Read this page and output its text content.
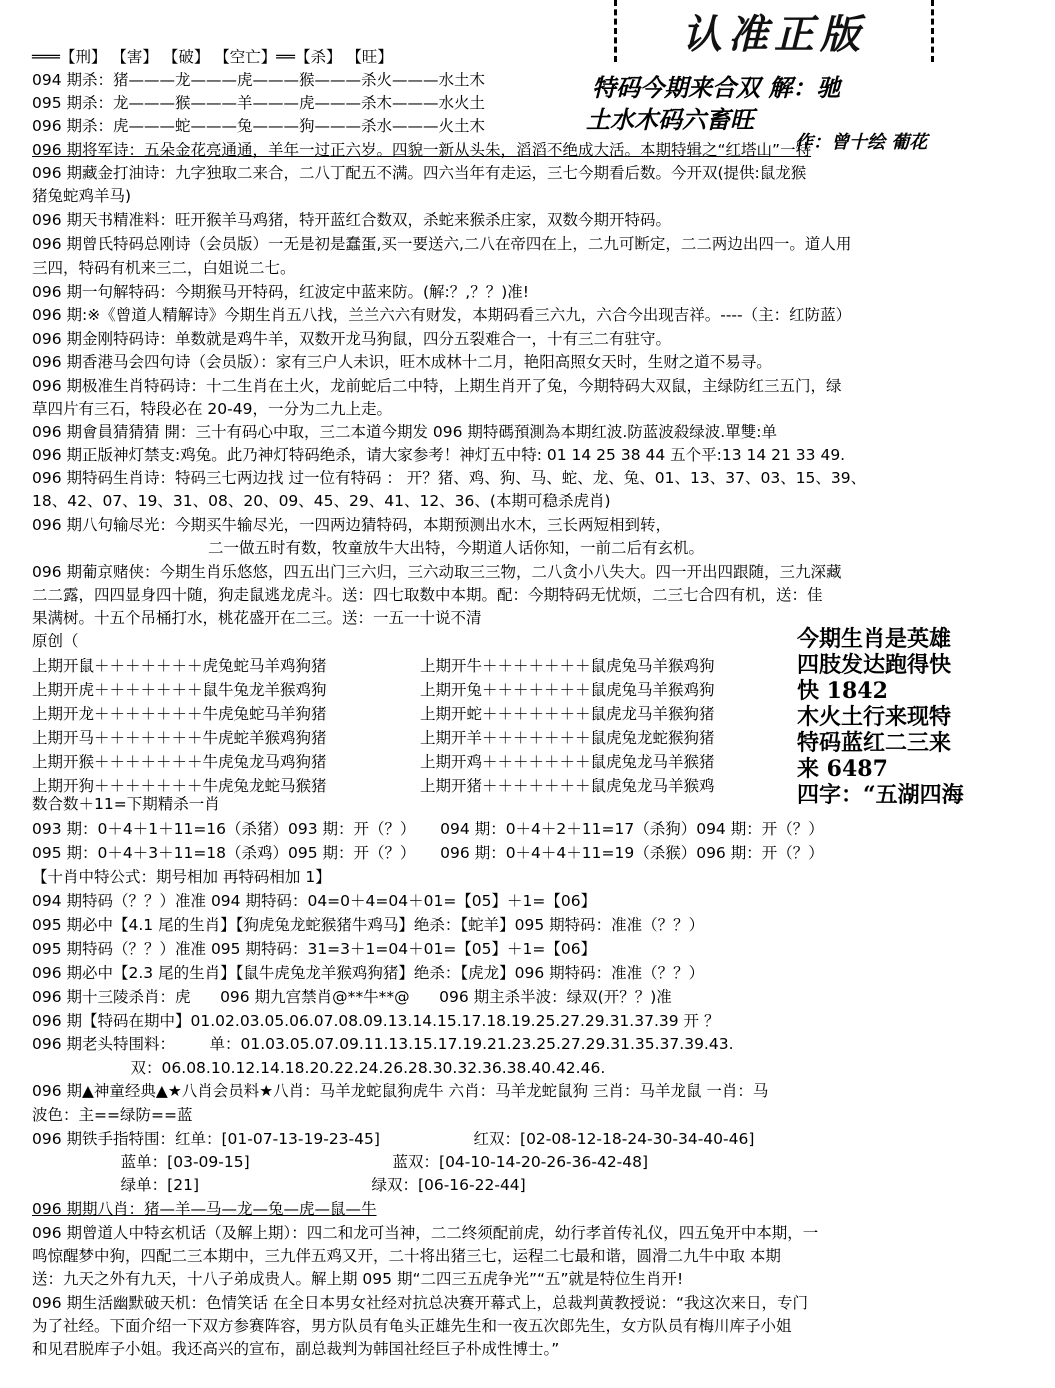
认准正版
特码今期来合双 解：驰
土水木码六畜旺
作：曾十绘 葡花
═══【刑】 【害】 【破】 【空亡】══【杀】 【旺】
094 期杀：猪———龙———虎———猴———杀火———水土木
095 期杀：龙———猴———羊———虎———杀木———水火土
096 期杀：虎———蛇———兔———狗———杀水———火土木
096 期将军诗：五朵金花亮通通，羊年一过正六岁。四貌一新从头朱，滔滔不绝成大活。本期特辑之“红塔山”一特
096 期藏金打油诗：九字独取二来合，二八丁配五不满。四六当年有走运，三七今期看后数。今开双(提供:鼠龙猴
猪兔蛇鸡羊马)
096 期天书精准料：旺开猴羊马鸡猪，特开蓝红合数双，杀蛇来猴杀庄家，双数今期开特码。
096 期曾氏特码总刚诗（会员版）一无是初是蠢蛋,买一要送六,二八在帝四在上，二九可断定，二二两边出四一。道人用
三四，特码有机来三二，白姐说二七。
096 期一句解特码：今期猴马开特码，红波定中蓝来防。(解:？,？？)准!
096 期:※《曾道人精解诗》今期生肖五八找，兰兰六六有财发，本期码看三六九，六合今出现吉祥。----（主：红防蓝）
096 期金刚特码诗：单数就是鸡牛羊，双数开龙马狗鼠，四分五裂难合一，十有三二有驻守。
096 期香港马会四句诗（会员版）：家有三户人未识，旺木成林十二月，艳阳高照女天时，生财之道不易寻。
096 期极准生肖特码诗：十二生肖在土火，龙前蛇后二中特，上期生肖开了兔，今期特码大双鼠，主绿防红三五门，绿
草四片有三石，特段必在 20-49，一分为二九上走。
096 期會員猜猜猜 開：三十有码心中取，三二本道今期发 096 期特碼預測為本期红波.防蓝波殺绿波.單雙:单
096 期正版神灯禁支:鸡兔。此乃神灯特码绝杀，请大家参考！神灯五中特: 01 14 25 38 44 五个平:13 14 21 33 49.
096 期特码生肖诗：特码三七两边找 过一位有特码 ： 开？猪、鸡、狗、马、蛇、龙、兔、01、13、37、03、15、39、
18、42、07、19、31、08、20、09、45、29、41、12、36、(本期可稳杀虎肖)
096 期八句输尽光：今期买牛输尽光，一四两边猜特码，本期预测出水木，三长两短相到转，
二一做五时有数，牧童放牛大出特，今期道人话你知，一前二后有玄机。
096 期葡京赌侠：今期生肖乐悠悠，四五出门三六归，三六动取三三物，二八贪小八失大。四一开出四跟随，三九深藏
二二露，四四显身四十随，狗走鼠逃龙虎斗。送：四七取数中本期。配：今期特码无忧烦，二三七合四有机，送：佳
果满树。十五个吊桶打水，桃花盛开在二三。送：一五一十说不清
原创（
上期开鼠＋＋＋＋＋＋＋虎兔蛇马羊鸡狗猪
上期开虎＋＋＋＋＋＋＋鼠牛兔龙羊猴鸡狗
上期开龙＋＋＋＋＋＋＋牛虎兔蛇马羊狗猪
上期开马＋＋＋＋＋＋＋牛虎蛇羊猴鸡狗猪
上期开猴＋＋＋＋＋＋＋牛虎兔龙马鸡狗猪
上期开狗＋＋＋＋＋＋＋牛虎兔龙蛇马猴猪
上期开牛＋＋＋＋＋＋＋鼠虎兔马羊猴鸡狗
上期开兔＋＋＋＋＋＋＋鼠虎兔马羊猴鸡狗
上期开蛇＋＋＋＋＋＋＋鼠虎龙马羊猴狗猪
上期开羊＋＋＋＋＋＋＋鼠虎兔龙蛇猴狗猪
上期开鸡＋＋＋＋＋＋＋鼠虎兔龙马羊猴猪
上期开猪＋＋＋＋＋＋＋鼠虎兔龙马羊猴鸡
今期生肖是英雄
四肢发达跑得快
快 1842
木火土行来现特
特码蓝红二三来
来 6487
四字：“五湖四海
数合数＋11=下期精杀一肖
093 期：0＋4＋1＋11=16（杀猪）093 期：开（？）     094 期：0＋4＋2＋11=17（杀狗）094 期：开（？）
095 期：0＋4＋3＋11=18（杀鸡）095 期：开（？）     096 期：0＋4＋4＋11=19（杀猴）096 期：开（？）
【十肖中特公式：期号相加 再特码相加 1】
094 期特码（？？）准准 094 期特码：04=0＋4=04＋01=【05】＋1=【06】
095 期必中【4.1 尾的生肖】【狗虎兔龙蛇猴猪牛鸡马】绝杀：【蛇羊】095 期特码：准准（？？）
095 期特码（？？）准准 095 期特码：31=3＋1=04＋01=【05】＋1=【06】
096 期必中【2.3 尾的生肖】【鼠牛虎兔龙羊猴鸡狗猪】绝杀：【虎龙】096 期特码：准准（？？）
096 期十三陵杀肖：虎      096 期九宫禁肖@**牛**@      096 期主杀半波：绿双(开？？)准
096 期【特码在期中】01.02.03.05.06.07.08.09.13.14.15.17.18.19.25.27.29.31.37.39 开 ？
096 期老头特围料：       单：01.03.05.07.09.11.13.15.17.19.21.23.25.27.29.31.35.37.39.43.
双：06.08.10.12.14.18.20.22.24.26.28.30.32.36.38.40.42.46.
096 期▲神童经典▲★八肖会员料★八肖：马羊龙蛇鼠狗虎牛 六肖：马羊龙蛇鼠狗 三肖：马羊龙鼠 一肖：马
波色：主==绿防==蓝
096 期铁手指特围：红单：[01-07-13-19-23-45]                   红双：[02-08-12-18-24-30-34-40-46]
蓝单：[03-09-15]                             蓝双：[04-10-14-20-26-36-42-48]
绿单：[21]                                   绿双：[06-16-22-44]
096 期期八肖：猪—羊—马—龙—兔—虎—鼠—牛
096 期曾道人中特玄机话（及解上期）：四二和龙可当神，二二终须配前虎，幼行孝首传礼仪，四五兔开中本期，一
鸣惊醒梦中狗，四配二三本期中，三九伴五鸡又开，二十将出猪三七，运程二七最和谐，圆滑二九牛中取 本期
送：九天之外有九天，十八子弟成贵人。解上期 095 期“二四三五虎争光”“五”就是特位生肖开!
096 期生活幽默破天机：色情笑话 在全日本男女社经对抗总决赛开幕式上，总裁判黄教授说：“我这次来日，专门
为了社经。下面介绍一下双方参赛阵容，男方队员有龟头正雄先生和一夜五次郎先生，女方队员有梅川库子小姐
和见君脱库子小姐。我还高兴的宣布，副总裁判为韩国社经巨子朴成性博士。”
